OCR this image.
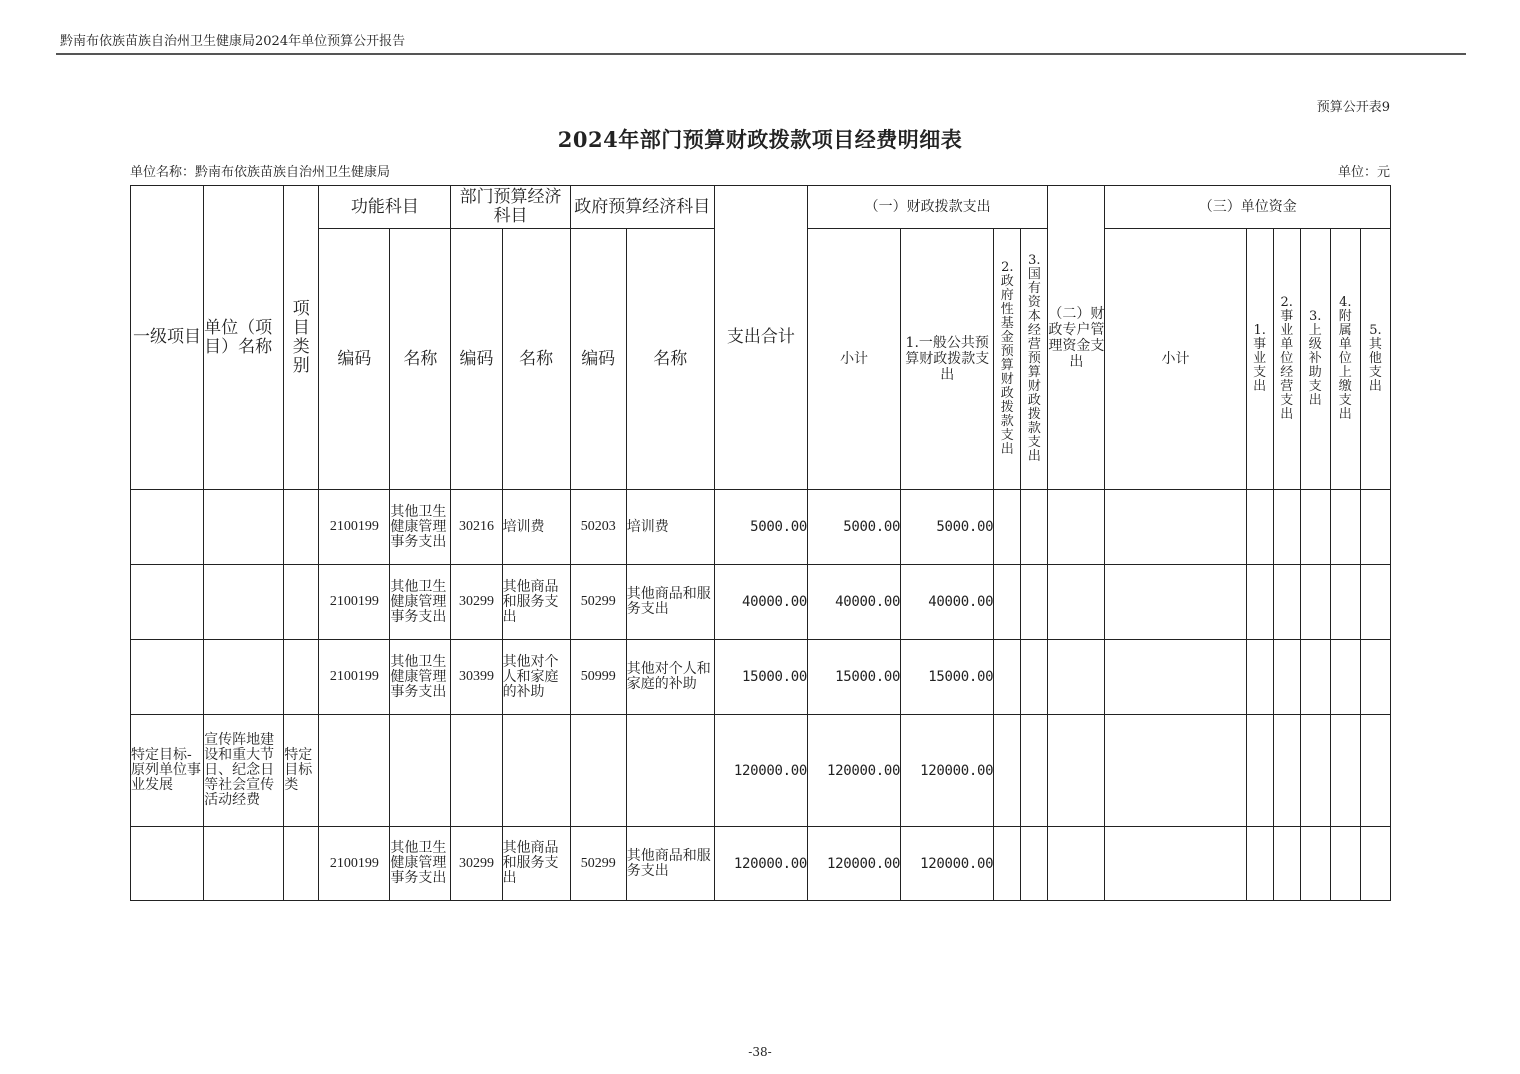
黔南布依族苗族自治州卫生健康局2024年单位预算公开报告
预算公开表9
2024年部门预算财政拨款项目经费明细表
单位名称：黔南布依族苗族自治州卫生健康局	单位：元
一级项目	单位（项目）名称	项目类别	功能科目		部门预算经济科目		政府预算经济科目		支出合计	（一）财政拨款支出				（二）财政专户管理资金支出	（三）单位资金					
			编码	名称	编码	名称	编码	名称		小计	1.一般公共预算财政拨款支出	2.政府性基金预算财政拨款支出	3.国有资本经营预算财政拨款支出		小计	1.事业支出	2.事业单位经营支出	3.上级补助支出	4.附属单位上缴支出	5.其他支出
			2100199	其他卫生健康管理事务支出	30216	培训费	50203	培训费	5000.00	5000.00	5000.00									
			2100199	其他卫生健康管理事务支出	30299	其他商品和服务支出	50299	其他商品和服务支出	40000.00	40000.00	40000.00									
			2100199	其他卫生健康管理事务支出	30399	其他对个人和家庭的补助	50999	其他对个人和家庭的补助	15000.00	15000.00	15000.00									
特定目标-原列单位事业发展	宣传阵地建设和重大节日、纪念日等社会宣传活动经费	特定目标类							120000.00	120000.00	120000.00									
			2100199	其他卫生健康管理事务支出	30299	其他商品和服务支出	50299	其他商品和服务支出	120000.00	120000.00	120000.00									
-38-
